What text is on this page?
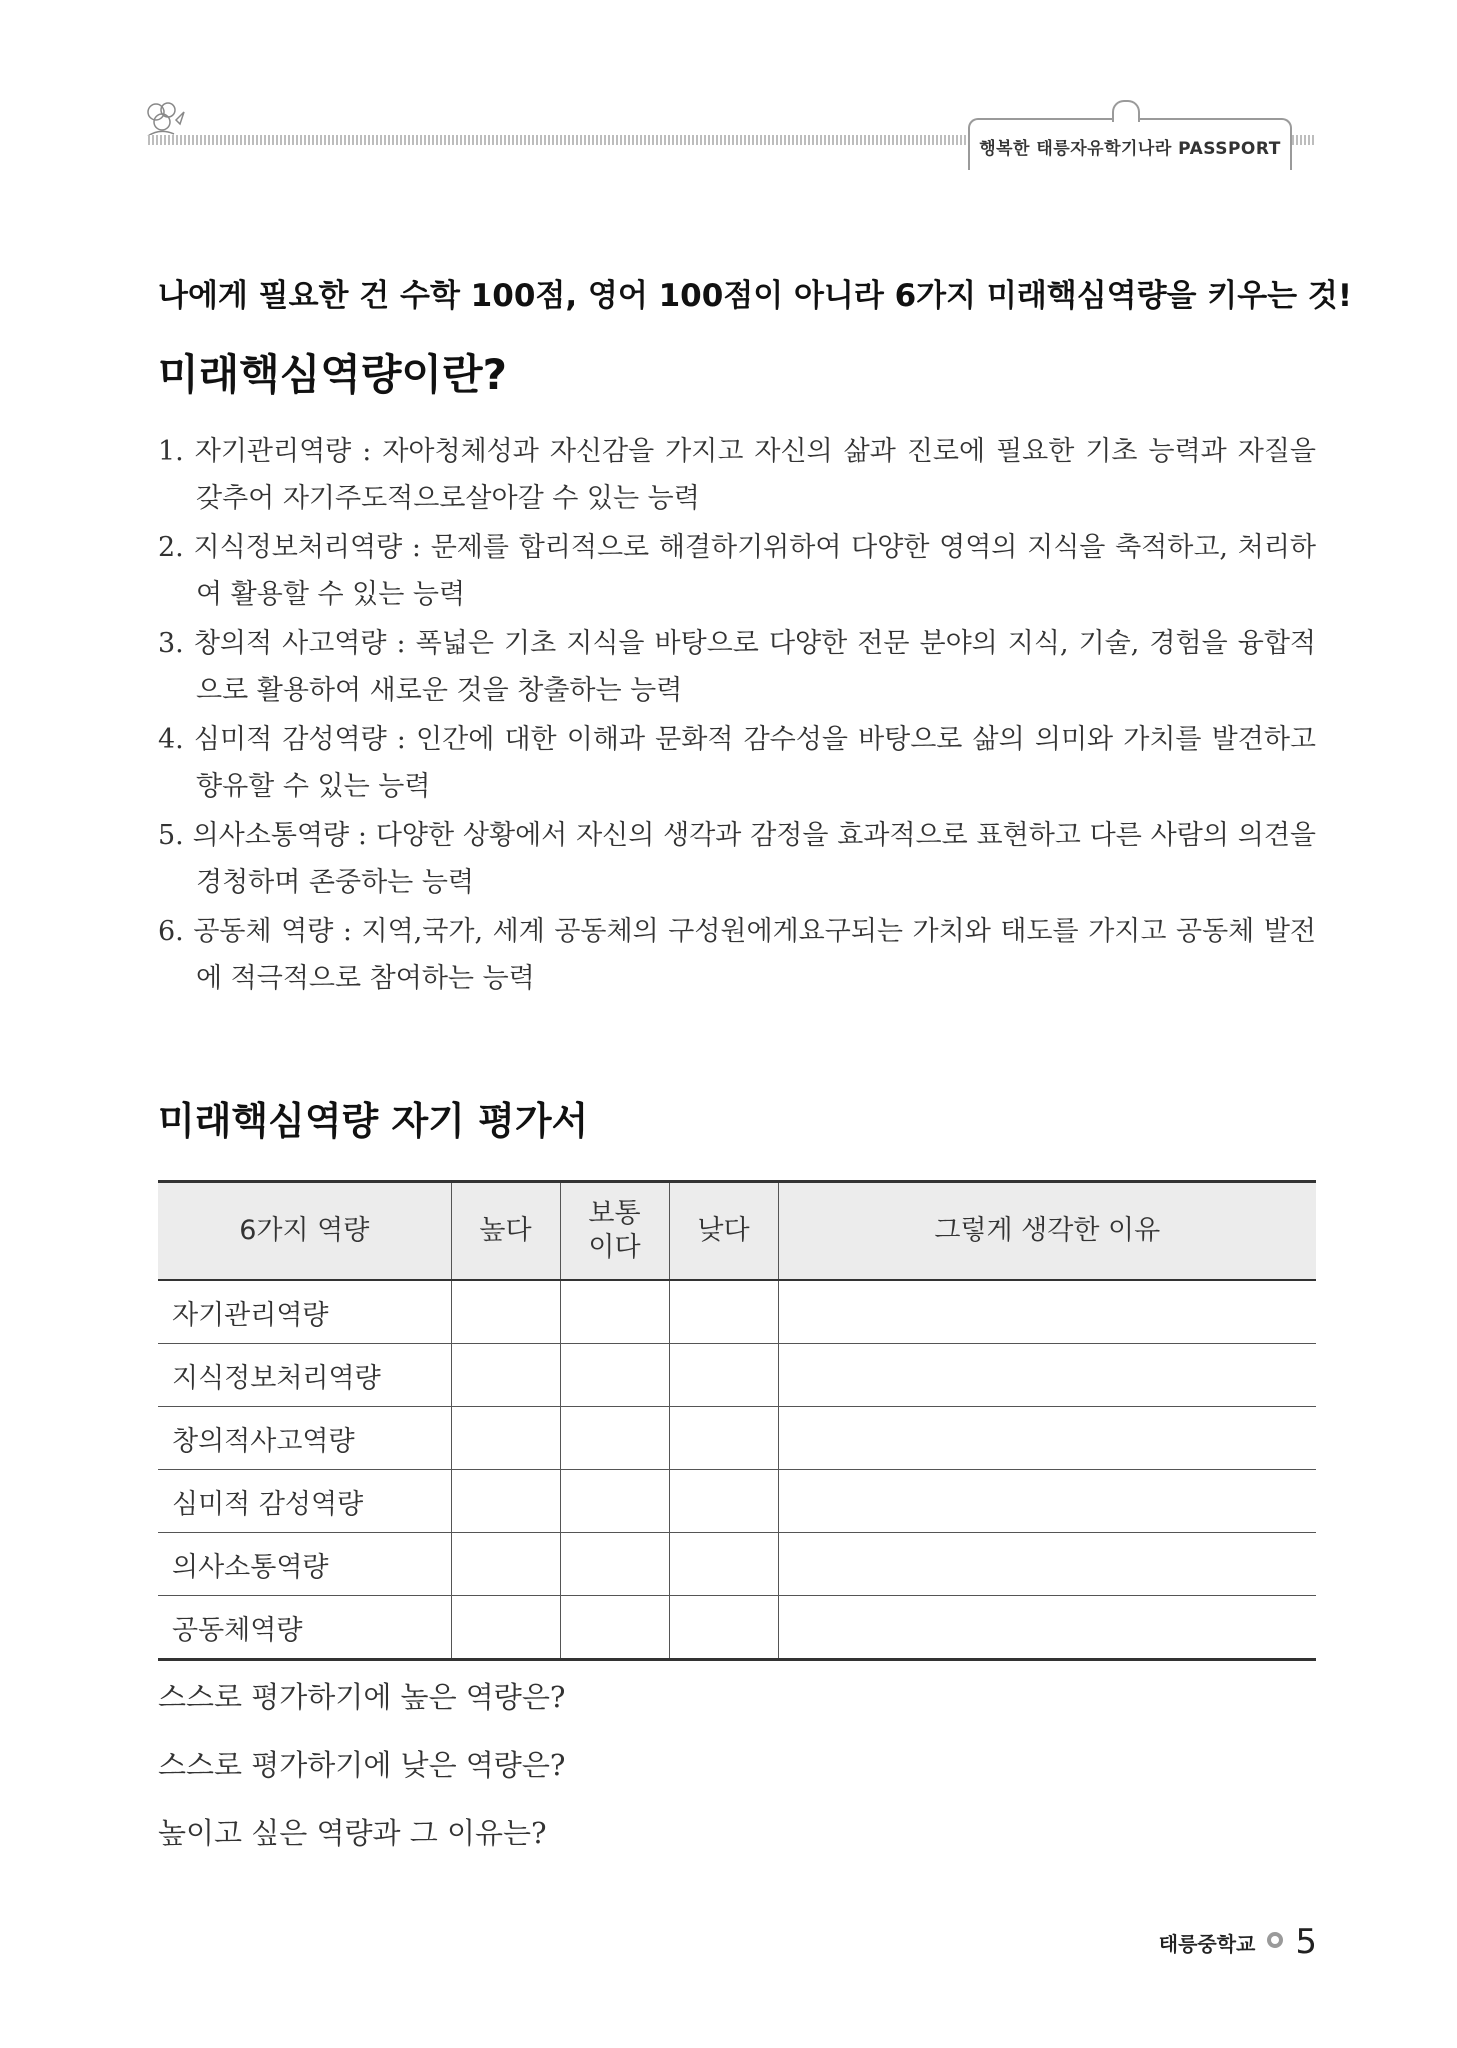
행복한 태릉자유학기나라 PASSPORT
나에게 필요한 건 수학 100점, 영어 100점이 아니라 6가지 미래핵심역량을 키우는 것!
미래핵심역량이란?
1. 자기관리역량 : 자아청체성과 자신감을 가지고 자신의 삶과 진로에 필요한 기초 능력과 자질을 갖추어 자기주도적으로살아갈 수 있는 능력
2. 지식정보처리역량 : 문제를 합리적으로 해결하기위하여 다양한 영역의 지식을 축적하고, 처리하여 활용할 수 있는 능력
3. 창의적 사고역량 : 폭넓은 기초 지식을 바탕으로 다양한 전문 분야의 지식, 기술, 경험을 융합적으로 활용하여 새로운 것을 창출하는 능력
4. 심미적 감성역량 : 인간에 대한 이해과 문화적 감수성을 바탕으로 삶의 의미와 가치를 발견하고 향유할 수 있는 능력
5. 의사소통역량 : 다양한 상황에서 자신의 생각과 감정을 효과적으로 표현하고 다른 사람의 의견을 경청하며 존중하는 능력
6. 공동체 역량 : 지역,국가, 세계 공동체의 구성원에게요구되는 가치와 태도를 가지고 공동체 발전에 적극적으로 참여하는 능력
미래핵심역량 자기 평가서
6가지 역량	높다	보통이다	낮다	그렇게 생각한 이유
자기관리역량				
지식정보처리역량				
창의적사고역량				
심미적 감성역량				
의사소통역량				
공동체역량				
스스로 평가하기에 높은 역량은?
스스로 평가하기에 낮은 역량은?
높이고 싶은 역량과 그 이유는?
태릉중학교 5
